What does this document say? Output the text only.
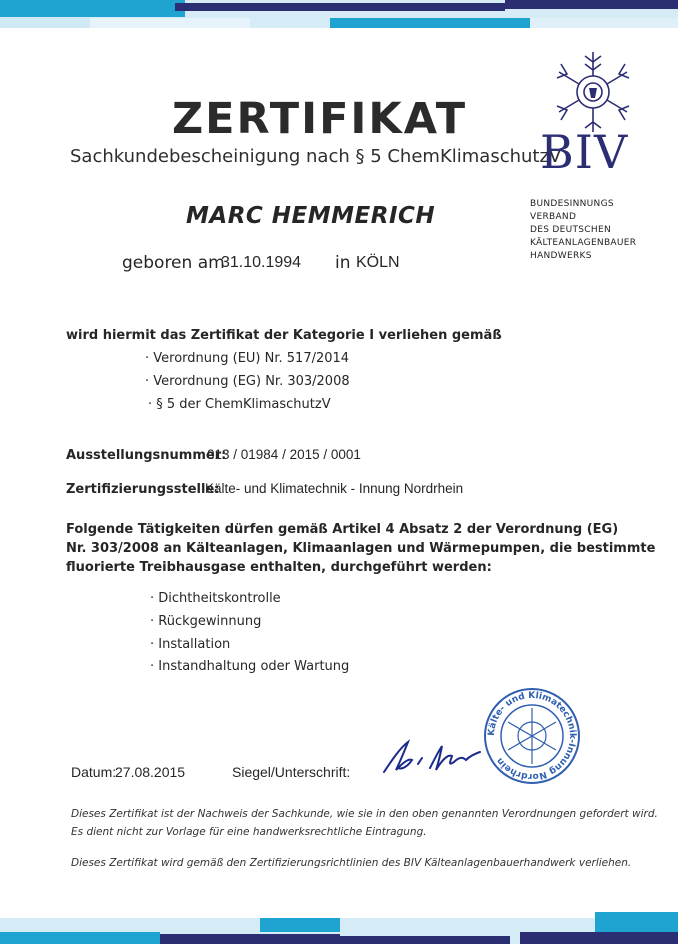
ZERTIFIKAT
Sachkundebescheinigung nach § 5 ChemKlimaschutzV
BIV
BUNDESINNUNGS
VERBAND
DES DEUTSCHEN
KÄLTEANLAGENBAUER
HANDWERKS
MARC HEMMERICH
geboren am
31.10.1994 in KÖLN
wird hiermit das Zertifikat der Kategorie I verliehen gemäß
· Verordnung (EU) Nr. 517/2014
· Verordnung (EG) Nr. 303/2008
· § 5 der ChemKlimaschutzV
Ausstellungsnummer:
013 / 01984 / 2015 / 0001
Zertifizierungsstelle:
Kälte- und Klimatechnik - Innung Nordrhein
Folgende Tätigkeiten dürfen gemäß Artikel 4 Absatz 2 der Verordnung (EG)
Nr. 303/2008 an Kälteanlagen, Klimaanlagen und Wärmepumpen, die bestimmte
fluorierte Treibhausgase enthalten, durchgeführt werden:
· Dichtheitskontrolle
· Rückgewinnung
· Installation
· Instandhaltung oder Wartung
Datum:
27.08.2015	Siegel/Unterschrift:
Kälte- und Klimatechnik-Innung Nordrhein
Dieses Zertifikat ist der Nachweis der Sachkunde, wie sie in den oben genannten Verordnungen gefordert wird.
Es dient nicht zur Vorlage für eine handwerksrechtliche Eintragung.
Dieses Zertifikat wird gemäß den Zertifizierungsrichtlinien des BIV Kälteanlagenbauerhandwerk verliehen.
